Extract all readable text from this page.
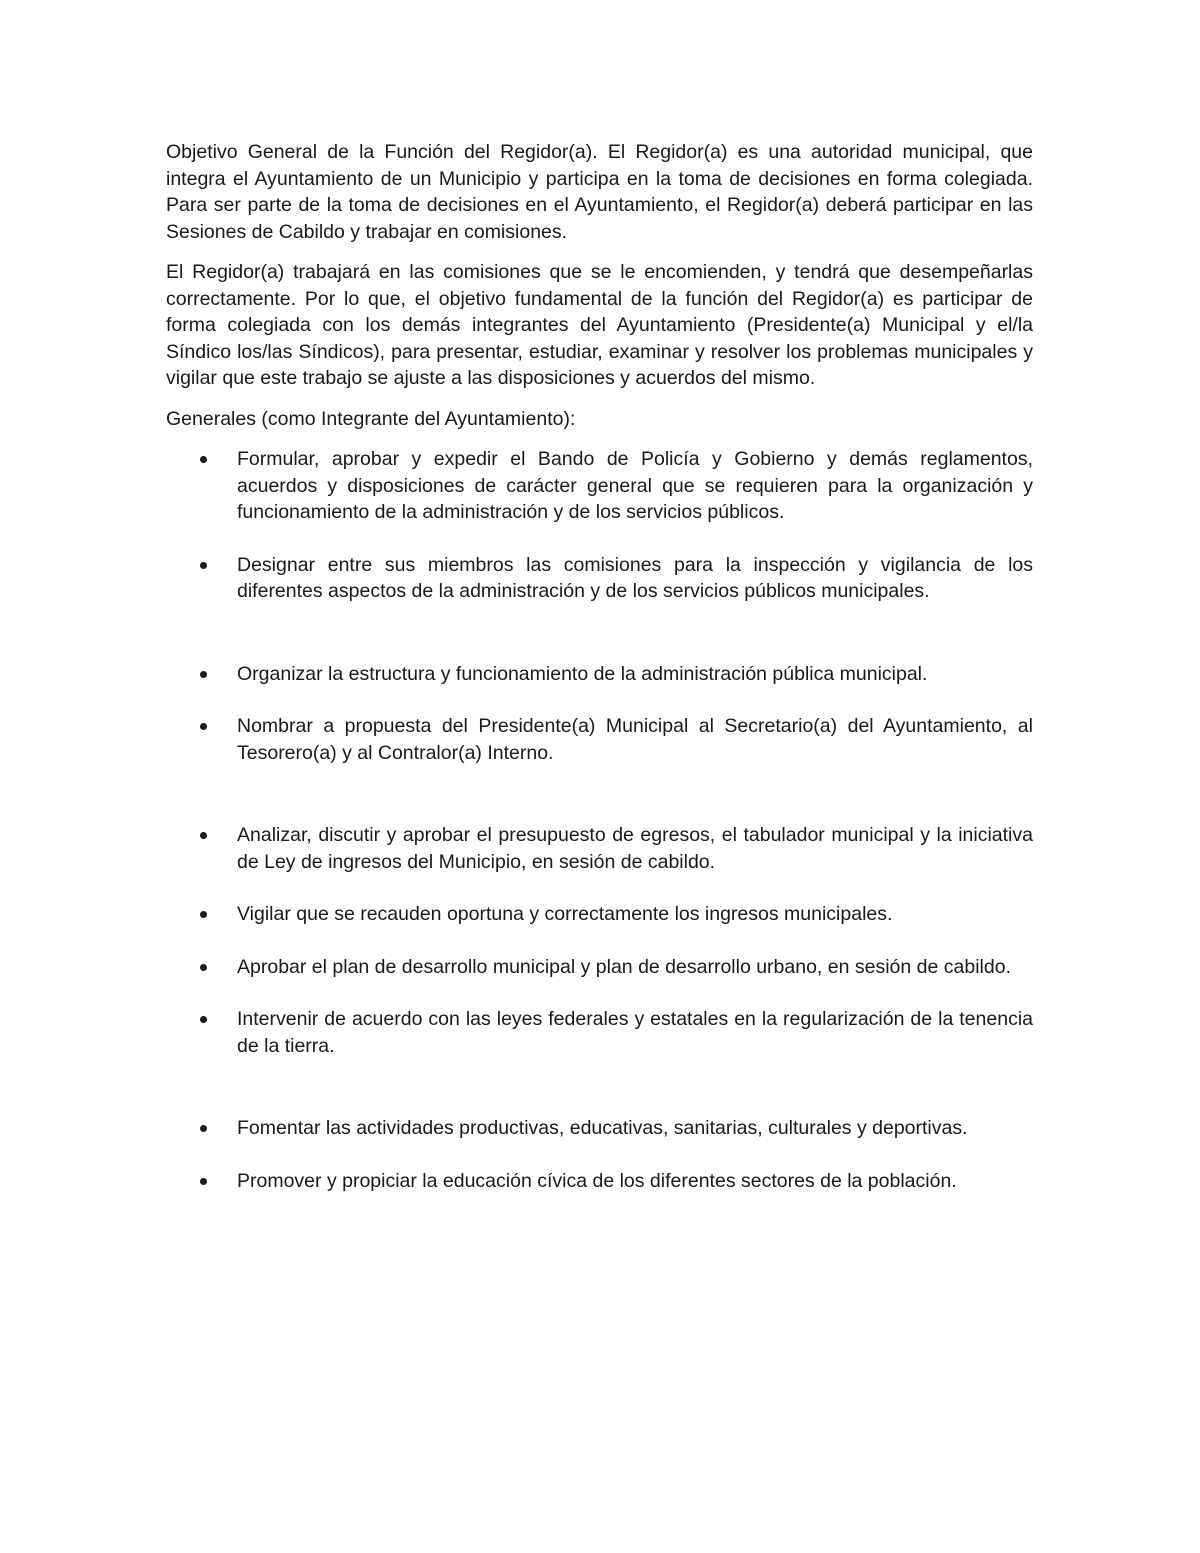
Objetivo General de la Función del Regidor(a). El Regidor(a) es una autoridad municipal, que integra el Ayuntamiento de un Municipio y participa en la toma de decisiones en forma colegiada. Para ser parte de la toma de decisiones en el Ayuntamiento, el Regidor(a) deberá participar en las Sesiones de Cabildo y trabajar en comisiones.

El Regidor(a) trabajará en las comisiones que se le encomienden, y tendrá que desempeñarlas correctamente. Por lo que, el objetivo fundamental de la función del Regidor(a) es participar de forma colegiada con los demás integrantes del Ayuntamiento (Presidente(a) Municipal y el/la Síndico los/las Síndicos), para presentar, estudiar, examinar y resolver los problemas municipales y vigilar que este trabajo se ajuste a las disposiciones y acuerdos del mismo.

Generales (como Integrante del Ayuntamiento):

Formular, aprobar y expedir el Bando de Policía y Gobierno y demás reglamentos, acuerdos y disposiciones de carácter general que se requieren para la organización y funcionamiento de la administración y de los servicios públicos.
Designar entre sus miembros las comisiones para la inspección y vigilancia de los diferentes aspectos de la administración y de los servicios públicos municipales.
Organizar la estructura y funcionamiento de la administración pública municipal.
Nombrar a propuesta del Presidente(a) Municipal al Secretario(a) del Ayuntamiento, al Tesorero(a) y al Contralor(a) Interno.
Analizar, discutir y aprobar el presupuesto de egresos, el tabulador municipal y la iniciativa de Ley de ingresos del Municipio, en sesión de cabildo.
Vigilar que se recauden oportuna y correctamente los ingresos municipales.
Aprobar el plan de desarrollo municipal y plan de desarrollo urbano, en sesión de cabildo.
Intervenir de acuerdo con las leyes federales y estatales en la regularización de la tenencia de la tierra.
Fomentar las actividades productivas, educativas, sanitarias, culturales y deportivas.
Promover y propiciar la educación cívica de los diferentes sectores de la población.
